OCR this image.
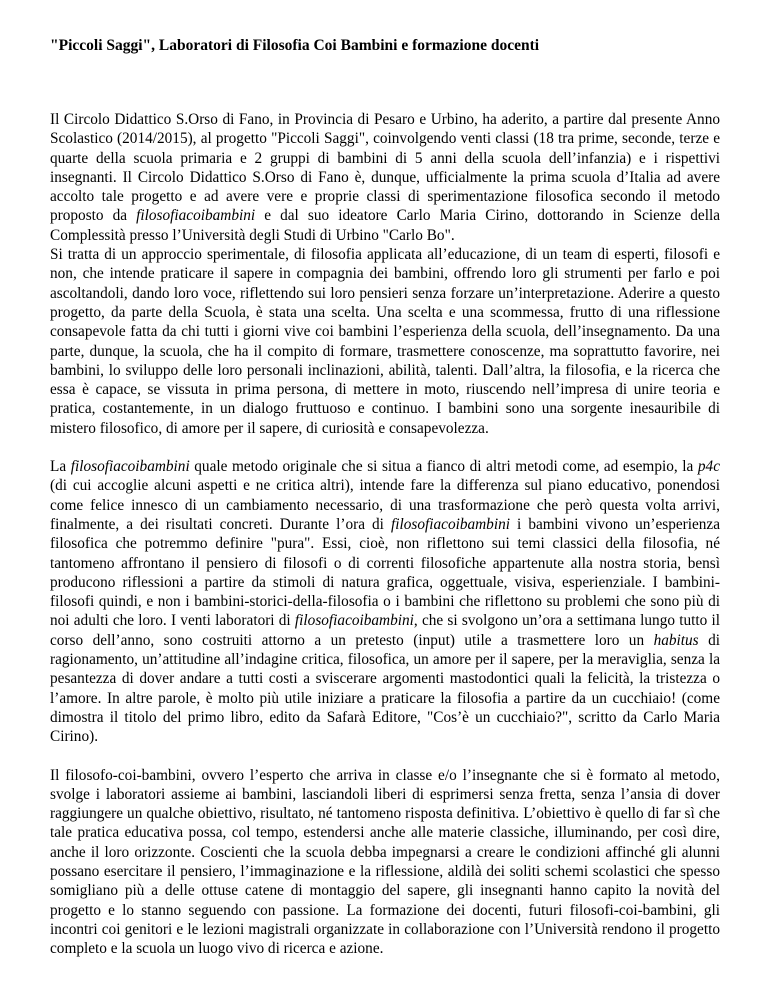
"Piccoli Saggi", Laboratori di Filosofia Coi Bambini e formazione docenti

Il Circolo Didattico S.Orso di Fano, in Provincia di Pesaro e Urbino, ha aderito, a partire dal presente Anno Scolastico (2014/2015), al progetto "Piccoli Saggi", coinvolgendo venti classi (18 tra prime, seconde, terze e quarte della scuola primaria e 2 gruppi di bambini di 5 anni della scuola dell’infanzia) e i rispettivi insegnanti. Il Circolo Didattico S.Orso di Fano è, dunque, ufficialmente la prima scuola d’Italia ad avere accolto tale progetto e ad avere vere e proprie classi di sperimentazione filosofica secondo il metodo proposto da filosofiacoibambini e dal suo ideatore Carlo Maria Cirino, dottorando in Scienze della Complessità presso l’Università degli Studi di Urbino "Carlo Bo".

Si tratta di un approccio sperimentale, di filosofia applicata all’educazione, di un team di esperti, filosofi e non, che intende praticare il sapere in compagnia dei bambini, offrendo loro gli strumenti per farlo e poi ascoltandoli, dando loro voce, riflettendo sui loro pensieri senza forzare un’interpretazione. Aderire a questo progetto, da parte della Scuola, è stata una scelta. Una scelta e una scommessa, frutto di una riflessione consapevole fatta da chi tutti i giorni vive coi bambini l’esperienza della scuola, dell’insegnamento. Da una parte, dunque, la scuola, che ha il compito di formare, trasmettere conoscenze, ma soprattutto favorire, nei bambini, lo sviluppo delle loro personali inclinazioni, abilità, talenti. Dall’altra, la filosofia, e la ricerca che essa è capace, se vissuta in prima persona, di mettere in moto, riuscendo nell’impresa di unire teoria e pratica, costantemente, in un dialogo fruttuoso e continuo. I bambini sono una sorgente inesauribile di mistero filosofico, di amore per il sapere, di curiosità e consapevolezza.

La filosofiacoibambini quale metodo originale che si situa a fianco di altri metodi come, ad esempio, la p4c (di cui accoglie alcuni aspetti e ne critica altri), intende fare la differenza sul piano educativo, ponendosi come felice innesco di un cambiamento necessario, di una trasformazione che però questa volta arrivi, finalmente, a dei risultati concreti. Durante l’ora di filosofiacoibambini i bambini vivono un’esperienza filosofica che potremmo definire "pura". Essi, cioè, non riflettono sui temi classici della filosofia, né tantomeno affrontano il pensiero di filosofi o di correnti filosofiche appartenute alla nostra storia, bensì producono riflessioni a partire da stimoli di natura grafica, oggettuale, visiva, esperienziale. I bambini-filosofi quindi, e non i bambini-storici-della-filosofia o i bambini che riflettono su problemi che sono più di noi adulti che loro. I venti laboratori di filosofiacoibambini, che si svolgono un’ora a settimana lungo tutto il corso dell’anno, sono costruiti attorno a un pretesto (input) utile a trasmettere loro un habitus di ragionamento, un’attitudine all’indagine critica, filosofica, un amore per il sapere, per la meraviglia, senza la pesantezza di dover andare a tutti costi a sviscerare argomenti mastodontici quali la felicità, la tristezza o l’amore. In altre parole, è molto più utile iniziare a praticare la filosofia a partire da un cucchiaio! (come dimostra il titolo del primo libro, edito da Safarà Editore, "Cos’è un cucchiaio?", scritto da Carlo Maria Cirino).

Il filosofo-coi-bambini, ovvero l’esperto che arriva in classe e/o l’insegnante che si è formato al metodo, svolge i laboratori assieme ai bambini, lasciandoli liberi di esprimersi senza fretta, senza l’ansia di dover raggiungere un qualche obiettivo, risultato, né tantomeno risposta definitiva. L’obiettivo è quello di far sì che tale pratica educativa possa, col tempo, estendersi anche alle materie classiche, illuminando, per così dire, anche il loro orizzonte. Coscienti che la scuola debba impegnarsi a creare le condizioni affinché gli alunni possano esercitare il pensiero, l’immaginazione e la riflessione, aldilà dei soliti schemi scolastici che spesso somigliano più a delle ottuse catene di montaggio del sapere, gli insegnanti hanno capito la novità del progetto e lo stanno seguendo con passione. La formazione dei docenti, futuri filosofi-coi-bambini, gli incontri coi genitori e le lezioni magistrali organizzate in collaborazione con l’Università rendono il progetto completo e la scuola un luogo vivo di ricerca e azione.
